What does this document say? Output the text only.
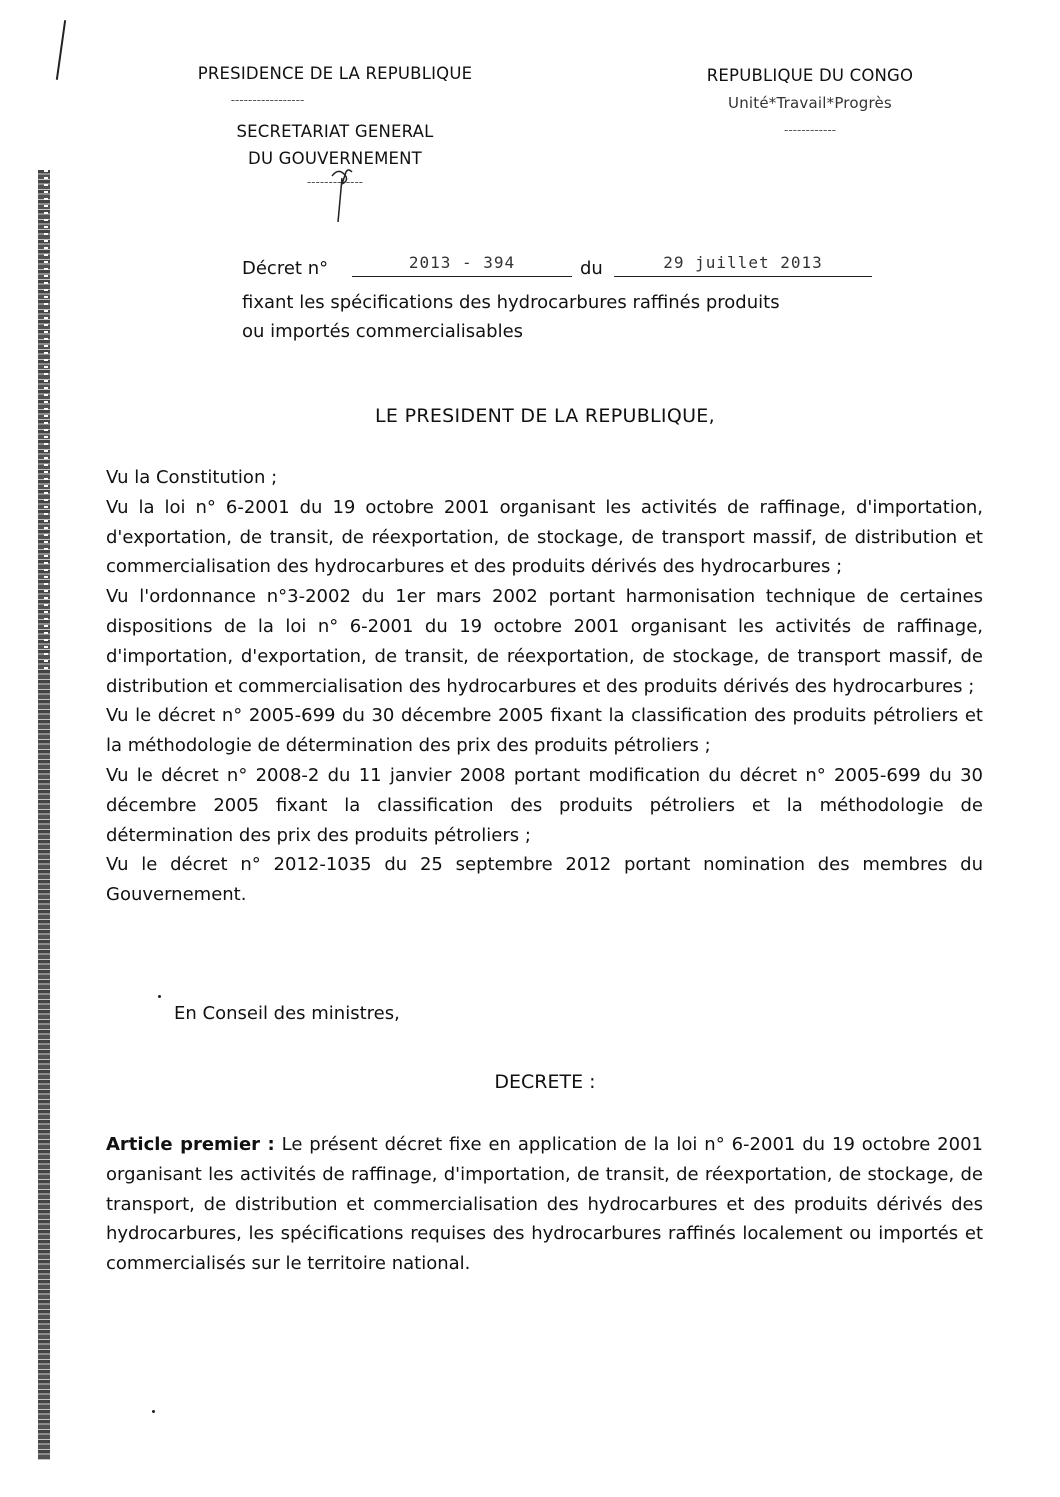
PRESIDENCE DE LA REPUBLIQUE
-----------------
SECRETARIAT GENERAL
DU GOUVERNEMENT
-------------
REPUBLIQUE DU CONGO
Unité*Travail*Progrès
------------
Décret n°	2013 - 394	du	29 juillet 2013
fixant les spécifications des hydrocarbures raffinés produits
ou importés commercialisables
LE PRESIDENT DE LA REPUBLIQUE,

Vu la Constitution ;

Vu la loi n° 6-2001 du 19 octobre 2001 organisant les activités de raffinage, d'importation, d'exportation, de transit, de réexportation, de stockage, de transport massif, de distribution et commercialisation des hydrocarbures et des produits dérivés des hydrocarbures ;

Vu l'ordonnance n°3-2002 du 1er mars 2002 portant harmonisation technique de certaines dispositions de la loi n° 6-2001 du 19 octobre 2001 organisant les activités de raffinage, d'importation, d'exportation, de transit, de réexportation, de stockage, de transport massif, de distribution et commercialisation des hydrocarbures et des produits dérivés des hydrocarbures ;

Vu le décret n° 2005-699 du 30 décembre 2005 fixant la classification des produits pétroliers et la méthodologie de détermination des prix des produits pétroliers ;

Vu le décret n° 2008-2 du 11 janvier 2008 portant modification du décret n° 2005-699 du 30 décembre 2005 fixant la classification des produits pétroliers et la méthodologie de détermination des prix des produits pétroliers ;

Vu le décret n° 2012-1035 du 25 septembre 2012 portant nomination des membres du Gouvernement.

En Conseil des ministres,
DECRETE :

Article premier : Le présent décret fixe en application de la loi n° 6-2001 du 19 octobre 2001 organisant les activités de raffinage, d'importation, de transit, de réexportation, de stockage, de transport, de distribution et commercialisation des hydrocarbures et des produits dérivés des hydrocarbures, les spécifications requises des hydrocarbures raffinés localement ou importés et commercialisés sur le territoire national.
